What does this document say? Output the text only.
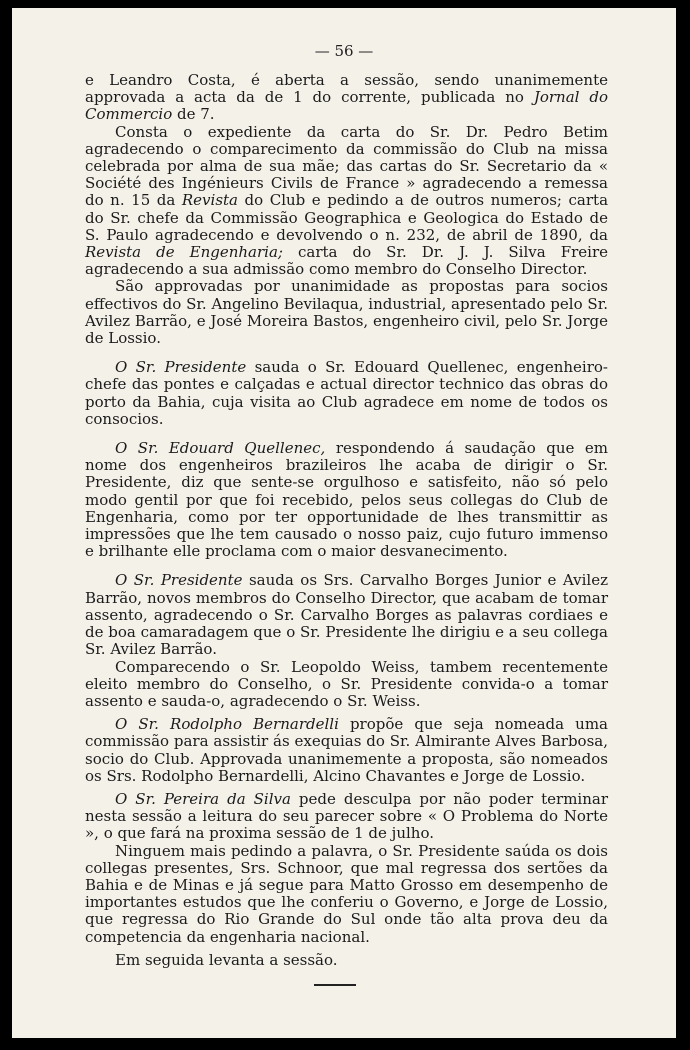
— 56 —

e Leandro Costa, é aberta a sessão, sendo unanimemente approvada a acta da de 1 do corrente, publicada no Jornal do Commercio de 7.

Consta o expediente da carta do Sr. Dr. Pedro Betim agradecendo o comparecimento da commissão do Club na missa celebrada por alma de sua mãe; das cartas do Sr. Secretario da « Société des Ingénieurs Civils de France » agradecendo a remessa do n. 15 da Revista do Club e pedindo a de outros numeros; carta do Sr. chefe da Commissão Geographica e Geologica do Estado de S. Paulo agradecendo e devolvendo o n. 232, de abril de 1890, da Revista de Engenharia; carta do Sr. Dr. J. J. Silva Freire agradecendo a sua admissão como membro do Conselho Director.

São approvadas por unanimidade as propostas para socios effectivos do Sr. Angelino Bevilaqua, industrial, apresentado pelo Sr. Avilez Barrão, e José Moreira Bastos, engenheiro civil, pelo Sr. Jorge de Lossio.

O Sr. Presidente sauda o Sr. Edouard Quellenec, engenheiro-chefe das pontes e calçadas e actual director technico das obras do porto da Bahia, cuja visita ao Club agradece em nome de todos os consocios.

O Sr. Edouard Quellenec, respondendo á saudação que em nome dos engenheiros brazileiros lhe acaba de dirigir o Sr. Presidente, diz que sente-se orgulhoso e satisfeito, não só pelo modo gentil por que foi recebido, pelos seus collegas do Club de Engenharia, como por ter opportunidade de lhes transmittir as impressões que lhe tem causado o nosso paiz, cujo futuro immenso e brilhante elle proclama com o maior desvanecimento.

O Sr. Presidente sauda os Srs. Carvalho Borges Junior e Avilez Barrão, novos membros do Conselho Director, que acabam de tomar assento, agradecendo o Sr. Carvalho Borges as palavras cordiaes e de boa camaradagem que o Sr. Presidente lhe dirigiu e a seu collega Sr. Avilez Barrão.

Comparecendo o Sr. Leopoldo Weiss, tambem recentemente eleito membro do Conselho, o Sr. Presidente convida-o a tomar assento e sauda-o, agradecendo o Sr. Weiss.

O Sr. Rodolpho Bernardelli propõe que seja nomeada uma commissão para assistir ás exequias do Sr. Almirante Alves Barbosa, socio do Club. Approvada unanimemente a proposta, são nomeados os Srs. Rodolpho Bernardelli, Alcino Chavantes e Jorge de Lossio.

O Sr. Pereira da Silva pede desculpa por não poder terminar nesta sessão a leitura do seu parecer sobre « O Problema do Norte », o que fará na proxima sessão de 1 de julho.

Ninguem mais pedindo a palavra, o Sr. Presidente saúda os dois collegas presentes, Srs. Schnoor, que mal regressa dos sertões da Bahia e de Minas e já segue para Matto Grosso em desempenho de importantes estudos que lhe conferiu o Governo, e Jorge de Lossio, que regressa do Rio Grande do Sul onde tão alta prova deu da competencia da engenharia nacional.

Em seguida levanta a sessão.
